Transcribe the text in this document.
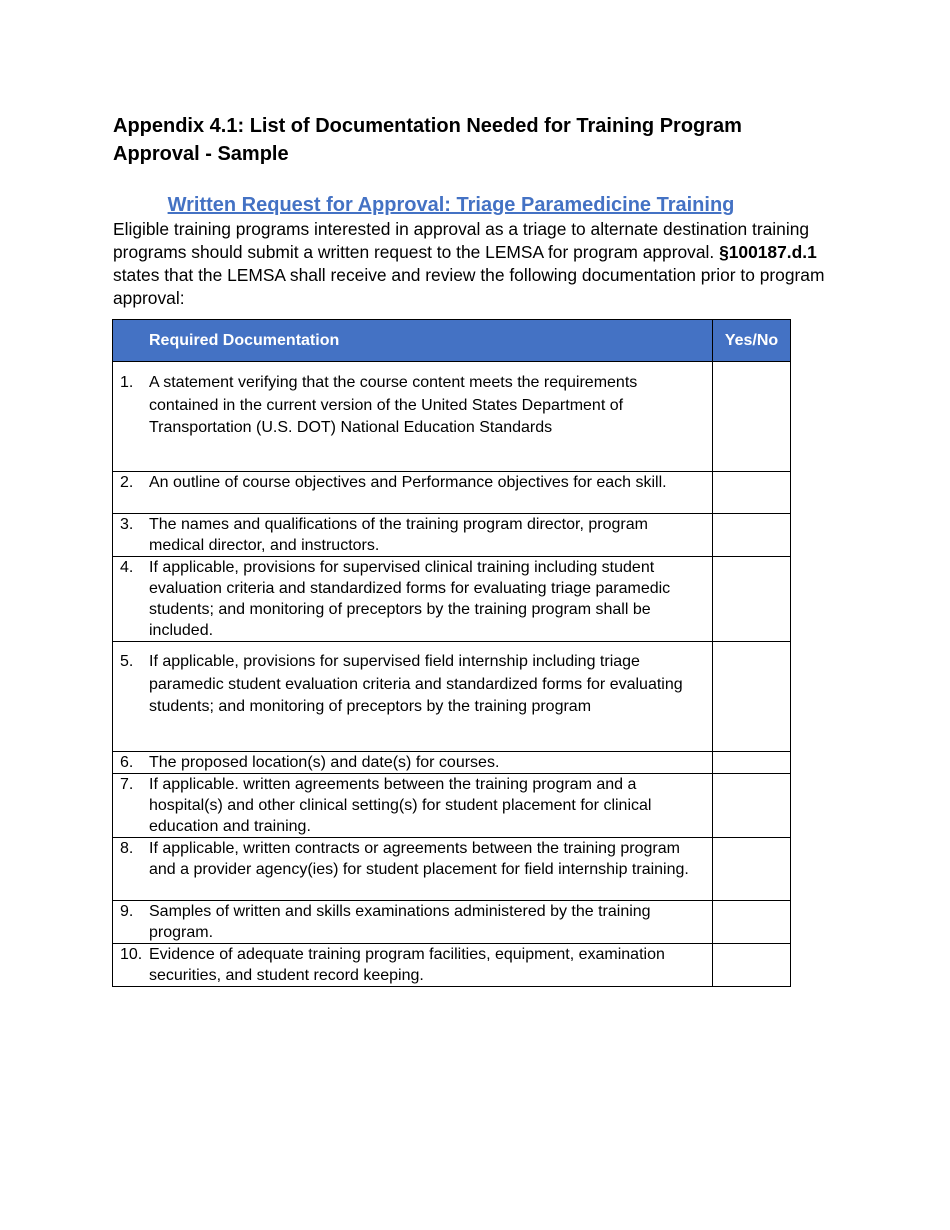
Appendix 4.1: List of Documentation Needed for Training Program Approval - Sample
Written Request for Approval: Triage Paramedicine Training
Eligible training programs interested in approval as a triage to alternate destination training programs should submit a written request to the LEMSA for program approval. §100187.d.1 states that the LEMSA shall receive and review the following documentation prior to program approval:
Required Documentation	Yes/No

1. A statement verifying that the course content meets the requirements contained in the current version of the United States Department of Transportation (U.S. DOT) National Education Standards	

2. An outline of course objectives and Performance objectives for each skill.	

3. The names and qualifications of the training program director, program medical director, and instructors.	

4. If applicable, provisions for supervised clinical training including student evaluation criteria and standardized forms for evaluating triage paramedic students; and monitoring of preceptors by the training program shall be included.	

5. If applicable, provisions for supervised field internship including triage paramedic student evaluation criteria and standardized forms for evaluating students; and monitoring of preceptors by the training program	

6. The proposed location(s) and date(s) for courses.	

7. If applicable. written agreements between the training program and a hospital(s) and other clinical setting(s) for student placement for clinical education and training.	

8. If applicable, written contracts or agreements between the training program and a provider agency(ies) for student placement for field internship training.	

9. Samples of written and skills examinations administered by the training program.	

10. Evidence of adequate training program facilities, equipment, examination securities, and student record keeping.	
